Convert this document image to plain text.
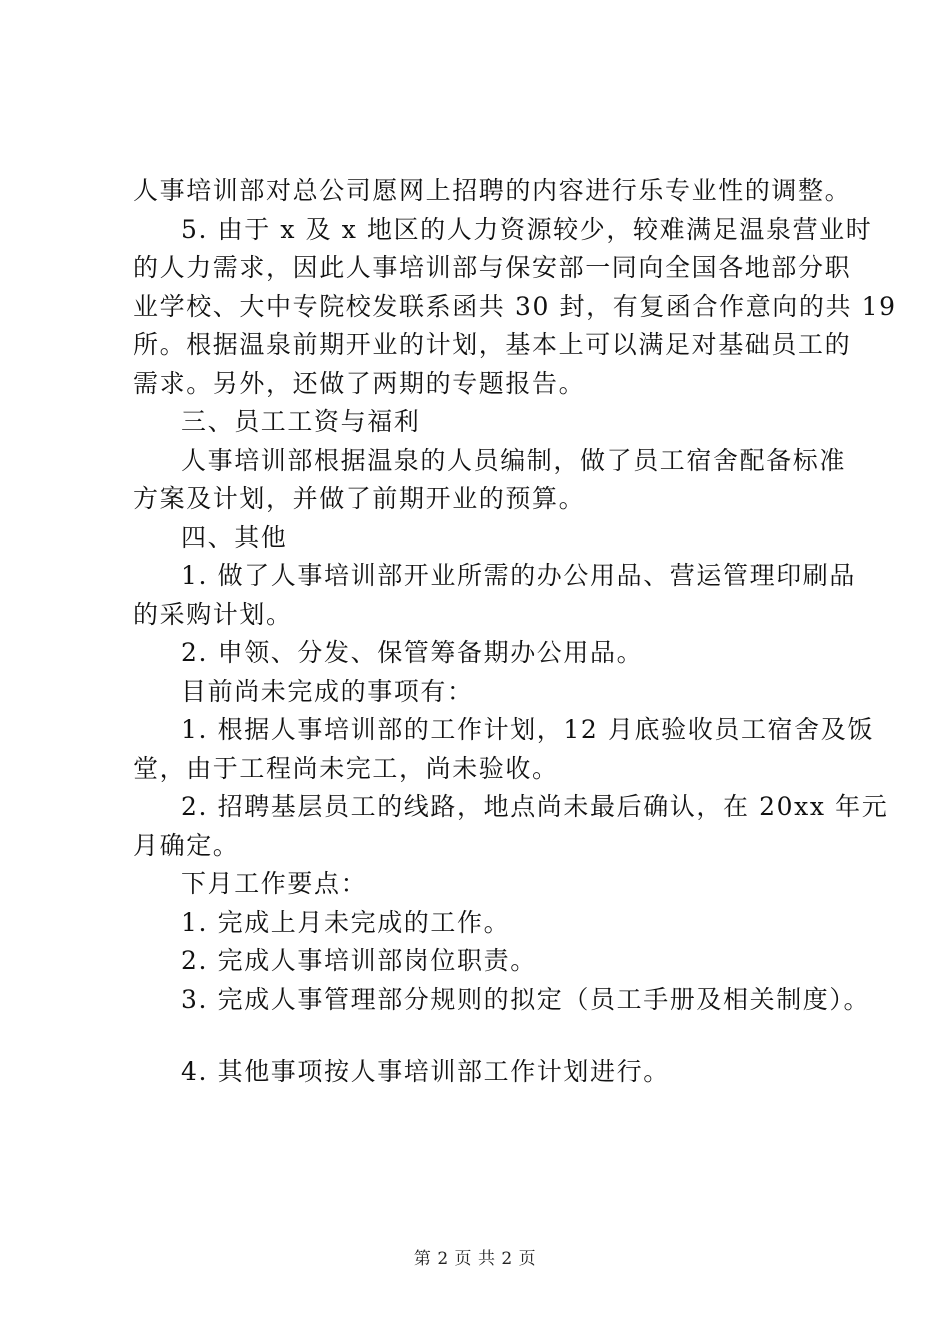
人事培训部对总公司愿网上招聘的内容进行乐专业性的调整。
5. 由于 x 及 x 地区的人力资源较少，较难满足温泉营业时
的人力需求，因此人事培训部与保安部一同向全国各地部分职
业学校、大中专院校发联系函共 30 封，有复函合作意向的共 19
所。根据温泉前期开业的计划，基本上可以满足对基础员工的
需求。另外，还做了两期的专题报告。
三、员工工资与福利
人事培训部根据温泉的人员编制，做了员工宿舍配备标准
方案及计划，并做了前期开业的预算。
四、其他
1. 做了人事培训部开业所需的办公用品、营运管理印刷品
的采购计划。
2. 申领、分发、保管筹备期办公用品。
目前尚未完成的事项有：
1. 根据人事培训部的工作计划，12 月底验收员工宿舍及饭
堂，由于工程尚未完工，尚未验收。
2. 招聘基层员工的线路，地点尚未最后确认，在 20xx 年元
月确定。
下月工作要点：
1. 完成上月未完成的工作。
2. 完成人事培训部岗位职责。
3. 完成人事管理部分规则的拟定（员工手册及相关制度）。
4. 其他事项按人事培训部工作计划进行。
第 2 页 共 2 页
